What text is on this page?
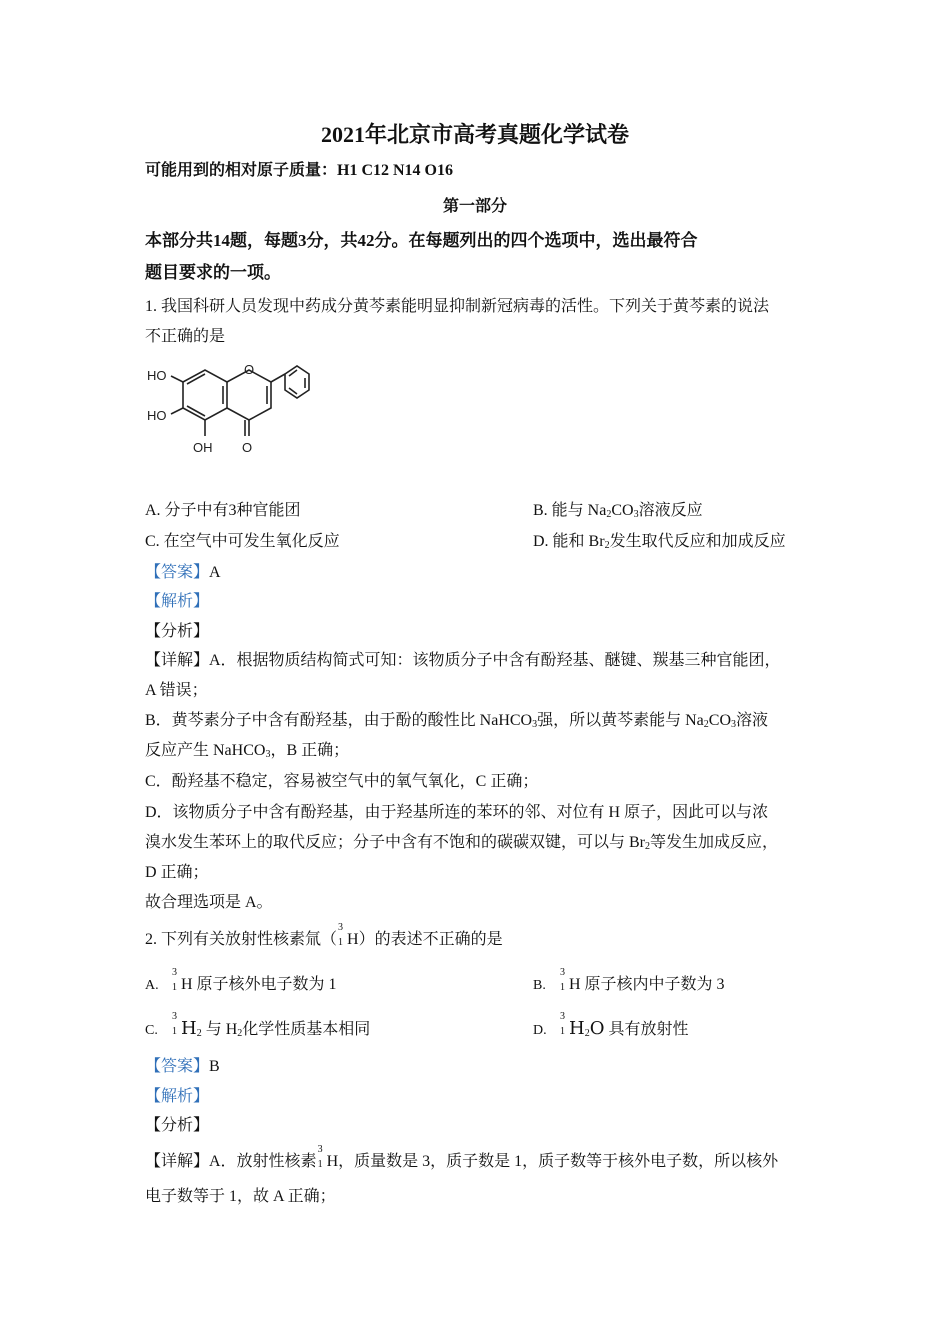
2021年北京市高考真题化学试卷
可能用到的相对原子质量：H1 C12 N14 O16
第一部分
本部分共14题，每题3分，共42分。在每题列出的四个选项中，选出最符合
题目要求的一项。
1. 我国科研人员发现中药成分黄芩素能明显抑制新冠病毒的活性。下列关于黄芩素的说法
不正确的是
HO
HO
OH
O
O
A. 分子中有3种官能团	B. 能与 $Na_2CO_3$溶液反应
C. 在空气中可发生氧化反应	D. 能和 $Br_2$发生取代反应和加成反应
【答案】A
【解析】
【分析】
【详解】A．根据物质结构简式可知：该物质分子中含有酚羟基、醚键、羰基三种官能团，
A 错误；
B．黄芩素分子中含有酚羟基，由于酚的酸性比 NaHCO$_3$强，所以黄芩素能与 $Na_2CO_3$溶液
反应产生 NaHCO$_3$，B 正确；
C．酚羟基不稳定，容易被空气中的氧气氧化，C 正确；
D．该物质分子中含有酚羟基，由于羟基所连的苯环的邻、对位有 H 原子，因此可以与浓
溴水发生苯环上的取代反应；分子中含有不饱和的碳碳双键，可以与 $Br_2$等发生加成反应，
D 正确；
故合理选项是 A。
2. 下列有关放射性核素氚（
3
1 H）的表述不正确的是
A.
3
1 H 原子核外电子数为 1	B.
3
1 H 原子核内中子数为 3
C.
3
1 $H_2$ 与 $H_2$化学性质基本相同	D.
3
1 $H_2O$ 具有放射性
【答案】B
【解析】
【分析】
【详解】A．放射性核素
3
1 H，质量数是 3，质子数是 1，质子数等于核外电子数，所以核外
电子数等于 1，故 A 正确；
